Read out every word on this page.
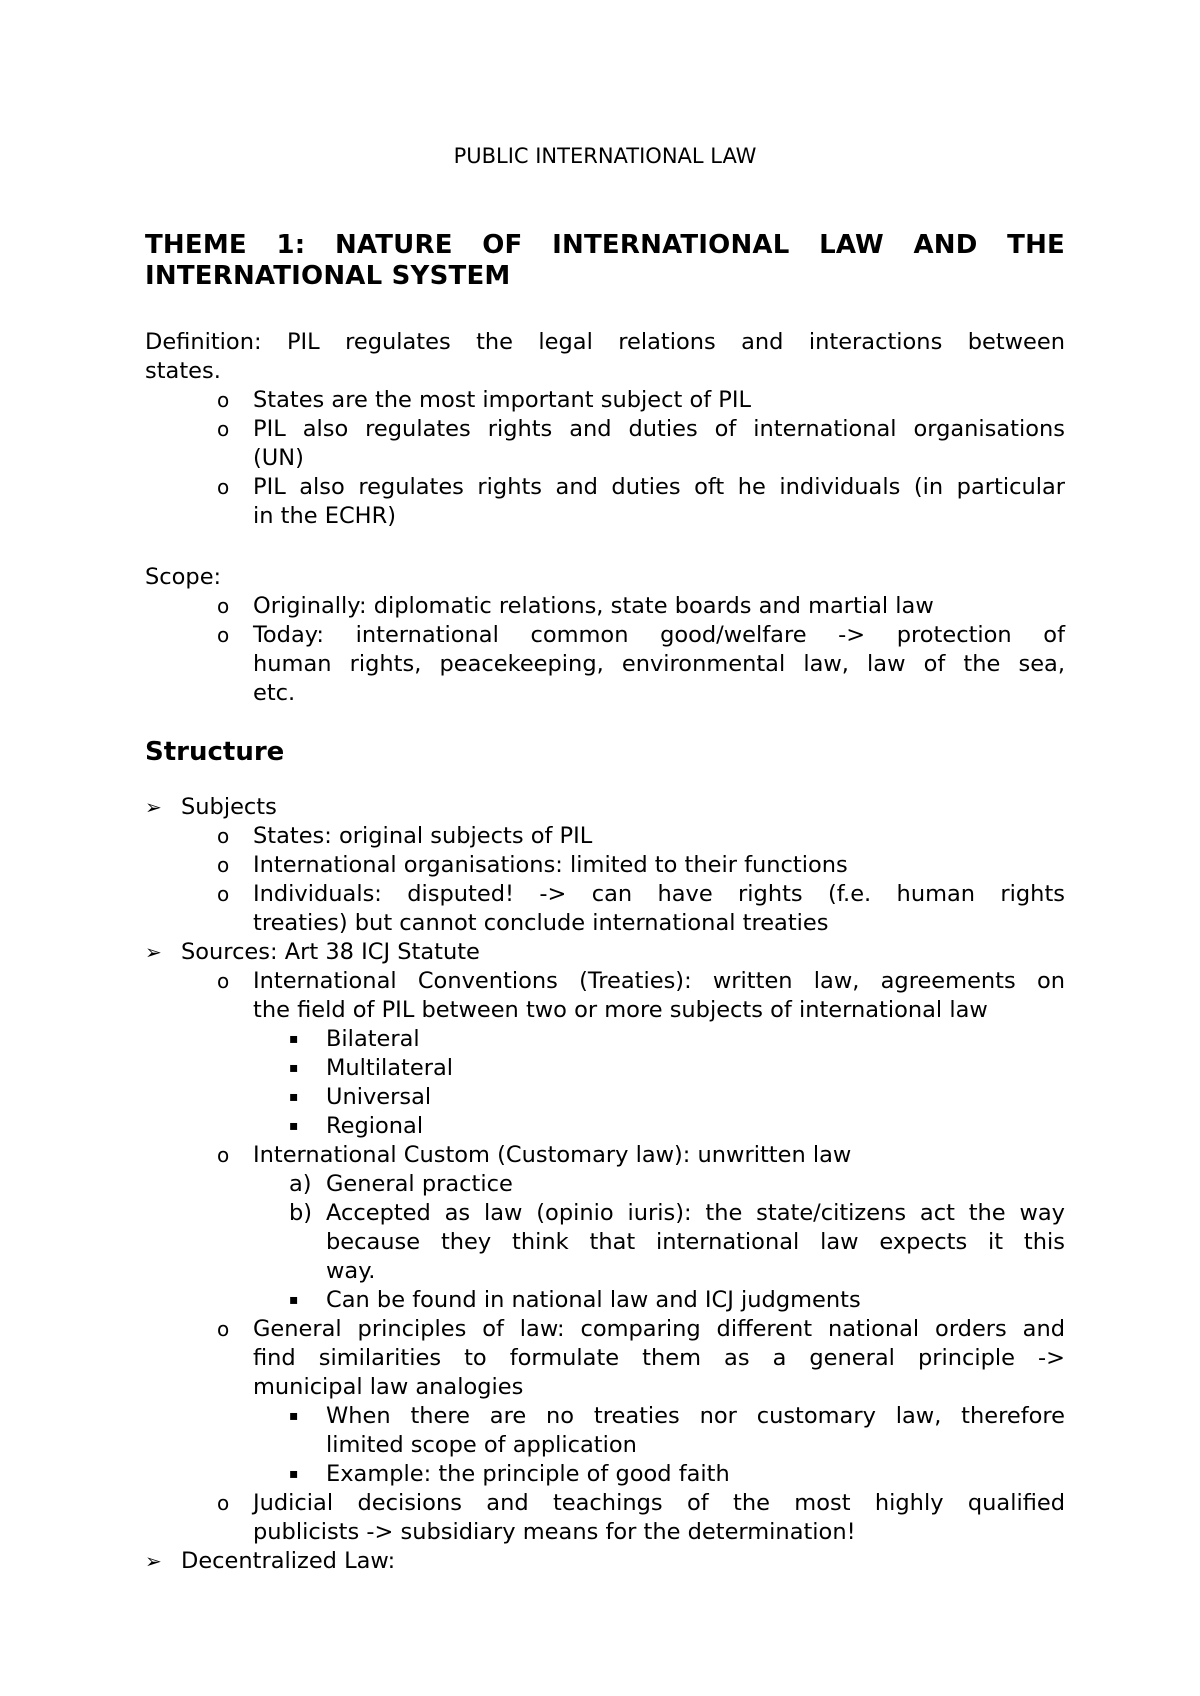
PUBLIC INTERNATIONAL LAW
THEME 1: NATURE OF INTERNATIONAL LAW AND THE
INTERNATIONAL SYSTEM
Definition: PIL regulates the legal relations and interactions between
states.
o States are the most important subject of PIL
o PIL also regulates rights and duties of international organisations
(UN)
o PIL also regulates rights and duties oft he individuals (in particular
in the ECHR)
Scope:
o Originally: diplomatic relations, state boards and martial law
o Today: international common good/welfare -> protection of
human rights, peacekeeping, environmental law, law of the sea,
etc.
Structure
➢ Subjects
o States: original subjects of PIL
o International organisations: limited to their functions
o Individuals: disputed! -> can have rights (f.e. human rights
treaties) but cannot conclude international treaties
➢ Sources: Art 38 ICJ Statute
o International Conventions (Treaties): written law, agreements on
the field of PIL between two or more subjects of international law
▪ Bilateral
▪ Multilateral
▪ Universal
▪ Regional
o International Custom (Customary law): unwritten law
a) General practice
b) Accepted as law (opinio iuris): the state/citizens act the way
because they think that international law expects it this
way.
▪ Can be found in national law and ICJ judgments
o General principles of law: comparing different national orders and
find similarities to formulate them as a general principle ->
municipal law analogies
▪ When there are no treaties nor customary law, therefore
limited scope of application
▪ Example: the principle of good faith
o Judicial decisions and teachings of the most highly qualified
publicists -> subsidiary means for the determination!
➢ Decentralized Law:
